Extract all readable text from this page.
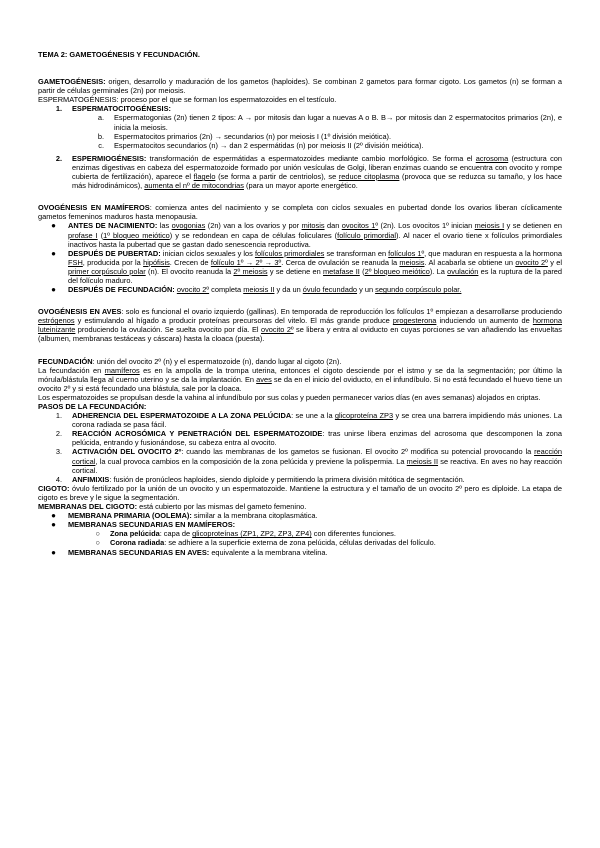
TEMA 2: GAMETOGÉNESIS Y FECUNDACIÓN.

GAMETOGÉNESIS: origen, desarrollo y maduración de los gametos (haploides). Se combinan 2 gametos para formar cigoto. Los gametos (n) se forman a partir de células germinales (2n) por meiosis.

ESPERMATOGÉNESIS: proceso por el que se forman los espermatozoides en el testículo.

1.	ESPERMATOCITOGÉNESIS:
a.	Espermatogonias (2n) tienen 2 tipos: A → por mitosis dan lugar a nuevas A o B. B→ por mitosis dan 2 espermatocitos primarios (2n), e inicia la meiosis.
b.	Espermatocitos primarios (2n) → secundarios (n) por meiosis I (1º división meiótica).
c.	Espermatocitos secundarios (n) → dan 2 espermátidas (n) por meiosis II (2º división meiótica).
2.	ESPERMIOGÉNESIS: transformación de espermátidas a espermatozoides mediante cambio morfológico. Se forma el acrosoma (estructura con enzimas digestivas en cabeza del espermatozoide formado por unión vesículas de Golgi, liberan enzimas cuando se encuentra con ovocito y rompe cubierta de fertilización), aparece el flagelo (se forma a partir de centriolos), se reduce citoplasma (provoca que se reduzca su tamaño, y los hace más hidrodinámicos), aumenta el nº de mitocondrias (para un mayor aporte energético.

OVOGÉNESIS EN MAMÍFEROS: comienza antes del nacimiento y se completa con ciclos sexuales en pubertad donde los ovarios liberan cíclicamente gametos femeninos maduros hasta menopausia.

●	ANTES DE NACIMIENTO: las ovogonias (2n) van a los ovarios y por mitosis dan ovocitos 1º (2n). Los ovocitos 1º inician meiosis I y se detienen en profase I (1º bloqueo meiótico) y se redondean en capa de células foliculares (folículo primordial). Al nacer el ovario tiene x folículos primordiales inactivos hasta la pubertad que se gastan dado senescencia reproductiva.
●	DESPUÉS DE PUBERTAD: inician ciclos sexuales y los folículos primordiales se transforman en folículos 1º, que maduran en respuesta a la hormona FSH, producida por la hipófisis. Crecen de folículo 1º → 2º → 3º. Cerca de ovulación se reanuda la meiosis. Al acabarla se obtiene un ovocito 2º y el primer corpúsculo polar (n). El ovocito reanuda la 2º meiosis y se detiene en metafase II (2º bloqueo meiótico). La ovulación es la ruptura de la pared del folículo maduro.
●	DESPUÉS DE FECUNDACIÓN: ovocito 2º completa meiosis II y da un óvulo fecundado y un segundo corpúsculo polar.

OVOGÉNESIS EN AVES: solo es funcional el ovario izquierdo (gallinas). En temporada de reproducción los folículos 1º empiezan a desarrollarse produciendo estrógenos y estimulando al hígado a producir proteínas precursoras del vitelo. El más grande produce progesterona induciendo un aumento de hormona luteinizante produciendo la ovulación. Se suelta ovocito por día. El ovocito 2º se libera y entra al oviducto en cuyas porciones se van añadiendo las envueltas (albumen, membranas testáceas y cáscara) hasta la cloaca (puesta).

FECUNDACIÓN: unión del ovocito 2º (n) y el espermatozoide (n), dando lugar al cigoto (2n).

La fecundación en mamíferos es en la ampolla de la trompa uterina, entonces el cigoto desciende por el istmo y se da la segmentación; por último la mórula/blástula llega al cuerno uterino y se da la implantación. En aves se da en el inicio del oviducto, en el infundíbulo. Si no está fecundado el huevo tiene un ovocito 2º y si está fecundado una blástula, sale por la cloaca.

Los espermatozoides se propulsan desde la vahina al infundíbulo por sus colas y pueden permanecer varios días (en aves semanas) alojados en criptas.

PASOS DE LA FECUNDACIÓN:

1.	ADHERENCIA DEL ESPERMATOZOIDE A LA ZONA PELÚCIDA: se une a la glicoproteína ZP3 y se crea una barrera impidiendo más uniones. La corona radiada se pasa fácil.
2.	REACCIÓN ACROSÓMICA Y PENETRACIÓN DEL ESPERMATOZOIDE: tras unirse libera enzimas del acrosoma que descomponen la zona pelúcida, entrando y fusionándose, su cabeza entra al ovocito.
3.	ACTIVACIÓN DEL OVOCITO 2º: cuando las membranas de los gametos se fusionan. El ovocito 2º modifica su potencial provocando la reacción cortical, la cual provoca cambios en la composición de la zona pelúcida y previene la polispermia. La meiosis II se reactiva. En aves no hay reacción cortical.
4.	ANFIMIXIS: fusión de pronúcleos haploides, siendo diploide y permitiendo la primera división mitótica de segmentación.

CIGOTO: óvulo fertilizado por la unión de un ovocito y un espermatozoide. Mantiene la estructura y el tamaño de un ovocito 2º pero es diploide. La etapa de cigoto es breve y le sigue la segmentación.

MEMBRANAS DEL CIGOTO: está cubierto por las mismas del gameto femenino.

●	MEMBRANA PRIMARIA (OOLEMA): similar a la membrana citoplasmática.
●	MEMBRANAS SECUNDARIAS EN MAMÍFEROS:
○	Zona pelúcida: capa de glicoproteínas (ZP1, ZP2, ZP3, ZP4) con diferentes funciones.
○	Corona radiada: se adhiere a la superficie externa de zona pelúcida, células derivadas del folículo.
●	MEMBRANAS SECUNDARIAS EN AVES: equivalente a la membrana vitelina.
